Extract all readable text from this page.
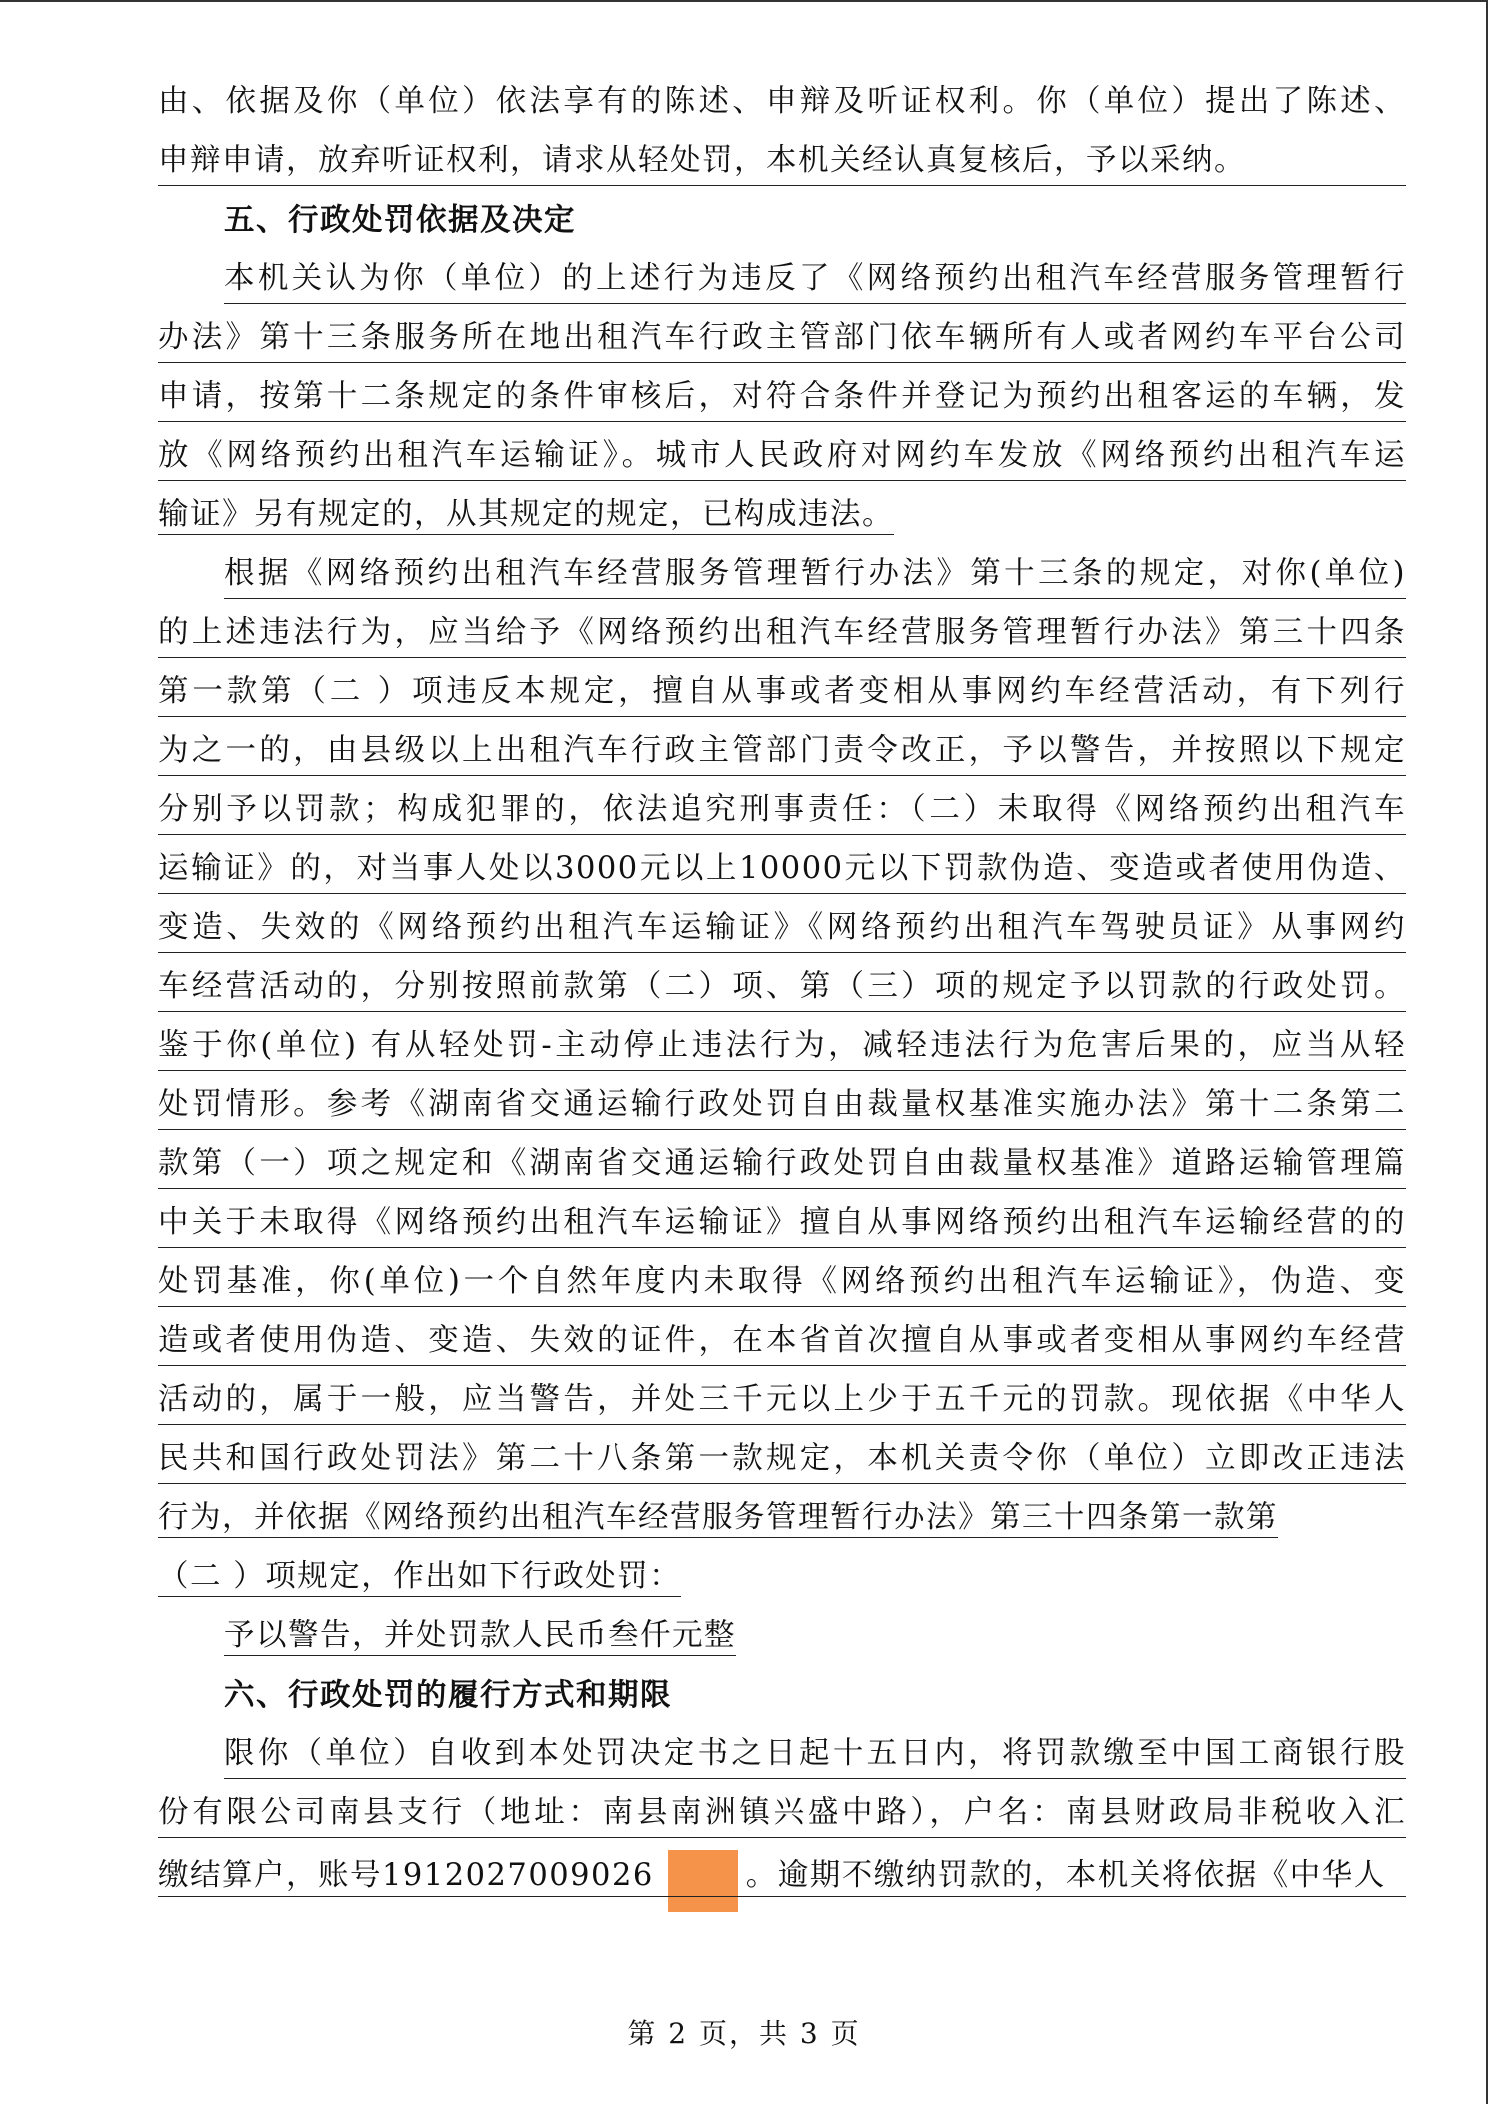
由、依据及你（单位）依法享有的陈述、申辩及听证权利。你（单位）提出了陈述、
申辩申请，放弃听证权利，请求从轻处罚，本机关经认真复核后，予以采纳。
五、行政处罚依据及决定
本机关认为你（单位）的上述行为违反了《网络预约出租汽车经营服务管理暂行
办法》第十三条服务所在地出租汽车行政主管部门依车辆所有人或者网约车平台公司
申请，按第十二条规定的条件审核后，对符合条件并登记为预约出租客运的车辆，发
放《网络预约出租汽车运输证》。城市人民政府对网约车发放《网络预约出租汽车运
输证》另有规定的，从其规定的规定，已构成违法。
根据《网络预约出租汽车经营服务管理暂行办法》第十三条的规定，对你(单位)
的上述违法行为，应当给予《网络预约出租汽车经营服务管理暂行办法》第三十四条
第一款第（二 ）项违反本规定，擅自从事或者变相从事网约车经营活动，有下列行
为之一的，由县级以上出租汽车行政主管部门责令改正，予以警告，并按照以下规定
分别予以罚款；构成犯罪的，依法追究刑事责任：（二）未取得《网络预约出租汽车
运输证》的，对当事人处以3000元以上10000元以下罚款伪造、变造或者使用伪造、
变造、失效的《网络预约出租汽车运输证》《网络预约出租汽车驾驶员证》从事网约
车经营活动的，分别按照前款第（二）项、第（三）项的规定予以罚款的行政处罚。
鉴于你(单位) 有从轻处罚-主动停止违法行为，减轻违法行为危害后果的，应当从轻
处罚情形。参考《湖南省交通运输行政处罚自由裁量权基准实施办法》第十二条第二
款第（一）项之规定和《湖南省交通运输行政处罚自由裁量权基准》道路运输管理篇
中关于未取得《网络预约出租汽车运输证》擅自从事网络预约出租汽车运输经营的的
处罚基准，你(单位)一个自然年度内未取得《网络预约出租汽车运输证》，伪造、变
造或者使用伪造、变造、失效的证件，在本省首次擅自从事或者变相从事网约车经营
活动的，属于一般，应当警告，并处三千元以上少于五千元的罚款。现依据《中华人
民共和国行政处罚法》第二十八条第一款规定，本机关责令你（单位）立即改正违法
行为，并依据《网络预约出租汽车经营服务管理暂行办法》第三十四条第一款第
（二 ）项规定，作出如下行政处罚：
予以警告，并处罚款人民币叁仟元整
六、行政处罚的履行方式和期限
限你（单位）自收到本处罚决定书之日起十五日内，将罚款缴至中国工商银行股
份有限公司南县支行（地址：南县南洲镇兴盛中路），户名：南县财政局非税收入汇
缴结算户，账号1912027009026	。逾期不缴纳罚款的，本机关将依据《中华人
第 2 页，共 3 页
